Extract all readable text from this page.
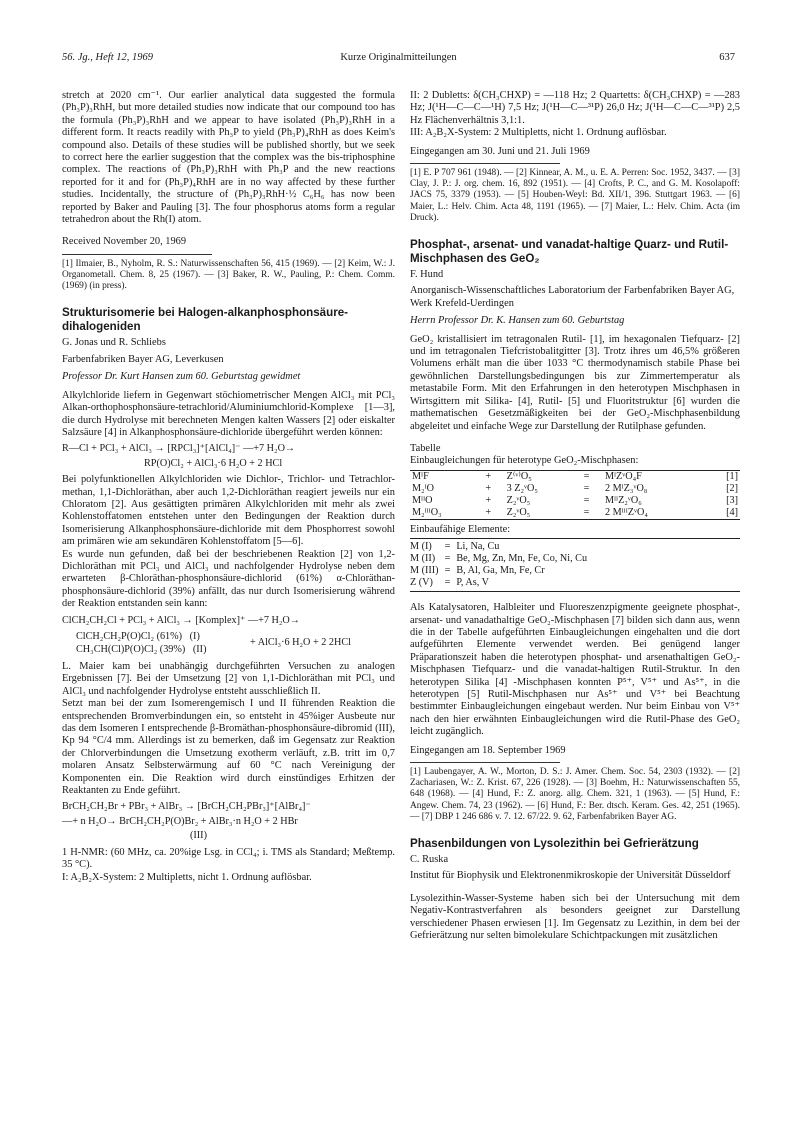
56. Jg., Heft 12, 1969	Kurze Originalmitteilungen	637

stretch at 2020 cm⁻¹. Our earlier analytical data suggested the formula (Ph₃P)₃RhH, but more detailed studies now indicate that our compound too has the formula (Ph₃P)₃RhH and we appear to have isolated (Ph₃P)₃RhH in a different form. It reacts readily with Ph₃P to yield (Ph₃P)₄RhH as does Keim's compound also. Details of these studies will be published shortly, but we seek to correct here the earlier suggestion that the complex was the bis-triphosphine complex. The reactions of (Ph₃P)₃RhH with Ph₃P and the new reactions reported for it and for (Ph₃P)₄RhH are in no way affected by these further studies. Incidentally, the structure of (Ph₃P)₃RhH·½ C₆H₆ has now been reported by Baker and Pauling [3]. The four phosphorus atoms form a regular tetrahedron about the Rh(I) atom.

Received November 20, 1969

[1] Ilmaier, B., Nyholm, R. S.: Naturwissenschaften 56, 415 (1969). — [2] Keim, W.: J. Organometall. Chem. 8, 25 (1967). — [3] Baker, R. W., Pauling, P.: Chem. Comm. (1969) (in press).

Strukturisomerie bei Halogen-alkanphosphonsäure-dihalogeniden

G. Jonas und R. Schliebs

Farbenfabriken Bayer AG, Leverkusen

Professor Dr. Kurt Hansen zum 60. Geburtstag gewidmet

Alkylchloride liefern in Gegenwart stöchiometrischer Mengen AlCl₃ mit PCl₃ Alkan-orthophosphonsäure-tetrachlorid/Aluminiumchlorid-Komplexe [1—3], die durch Hydrolyse mit berechneten Mengen kalten Wassers [2] oder eiskalter Salzsäure [4] in Alkanphosphonsäure-dichloride übergeführt werden können:

R—Cl + PCl₃ + AlCl₃ → [RPCl₃]⁺[AlCl₄]⁻ —+7 H₂O→
RP(O)Cl₂ + AlCl₃·6 H₂O + 2 HCl

Bei polyfunktionellen Alkylchloriden wie Dichlor-, Trichlor- und Tetrachlor-methan, 1,1-Dichloräthan, aber auch 1,2-Dichloräthan reagiert jeweils nur ein Chloratom [2]. Aus gesättigten primären Alkylchloriden mit mehr als zwei Kohlenstoffatomen entstehen unter den Bedingungen der Reaktion durch Isomerisierung Alkanphosphonsäure-dichloride mit dem Phosphorrest sowohl am primären wie am sekundären Kohlenstoffatom [5—6].

Es wurde nun gefunden, daß bei der beschriebenen Reaktion [2] von 1,2-Dichloräthan mit PCl₃ und AlCl₃ und nachfolgender Hydrolyse neben dem erwarteten β-Chloräthan-phosphonsäure-dichlorid (61%) α-Chloräthan-phosphonsäure-dichlorid (39%) anfällt, das nur durch Isomerisierung während der Reaktion entstanden sein kann:

ClCH₂CH₂Cl + PCl₃ + AlCl₃ → [Komplex]⁺ —+7 H₂O→
ClCH₂CH₂P(O)Cl₂ (61%)   (I)
CH₃CH(Cl)P(O)Cl₂ (39%)   (II)
+ AlCl₃·6 H₂O + 2 2HCl

L. Maier kam bei unabhängig durchgeführten Versuchen zu analogen Ergebnissen [7]. Bei der Umsetzung [2] von 1,1-Dichloräthan mit PCl₃ und AlCl₃ und nachfolgender Hydrolyse entsteht ausschließlich II.

Setzt man bei der zum Isomerengemisch I und II führenden Reaktion die entsprechenden Bromverbindungen ein, so entsteht in 45%iger Ausbeute nur das dem Isomeren I entsprechende β-Bromäthan-phosphonsäure-dibromid (III), Kp 94 °C/4 mm. Allerdings ist zu bemerken, daß im Gegensatz zur Reaktion der Chlorverbindungen die Umsetzung exotherm verläuft, z.B. tritt im 0,7 molaren Ansatz Selbsterwärmung auf 60 °C nach Vereinigung der Komponenten ein. Die Reaktion wird durch einstündiges Erhitzen der Reaktanten zu Ende geführt.

BrCH₂CH₂Br + PBr₃ + AlBr₃ → [BrCH₂CH₂PBr₃]⁺[AlBr₄]⁻
—+ n H₂O→ BrCH₂CH₂P(O)Br₂ + AlBr₃·n H₂O + 2 HBr
(III)

1 H-NMR: (60 MHz, ca. 20%ige Lsg. in CCl₄; i. TMS als Standard; Meßtemp. 35 °C).

I: A₂B₂X-System: 2 Multipletts, nicht 1. Ordnung auflösbar.

II: 2 Dubletts: δ(CH₃CHXP) = —118 Hz; 2 Quartetts: δ(CH₃CHXP) = —283 Hz; J(¹H—C—C—¹H) 7,5 Hz; J(¹H—C—³¹P) 26,0 Hz; J(¹H—C—C—³¹P) 2,5 Hz Flächenverhältnis 3,1:1.

III: A₂B₂X-System: 2 Multipletts, nicht 1. Ordnung auflösbar.

Eingegangen am 30. Juni und 21. Juli 1969

[1] E. P 707 961 (1948). — [2] Kinnear, A. M., u. E. A. Perren: Soc. 1952, 3437. — [3] Clay, J. P.: J. org. chem. 16, 892 (1951). — [4] Crofts, P. C., and G. M. Kosolapoff: JACS 75, 3379 (1953). — [5] Houben-Weyl: Bd. XII/1, 396. Stuttgart 1963. — [6] Maier, L.: Helv. Chim. Acta 48, 1191 (1965). — [7] Maier, L.: Helv. Chim. Acta (im Druck).

Phosphat-, arsenat- und vanadat-haltige Quarz- und Rutil-Mischphasen des GeO₂

F. Hund

Anorganisch-Wissenschaftliches Laboratorium der Farbenfabriken Bayer AG, Werk Krefeld-Uerdingen

Herrn Professor Dr. K. Hansen zum 60. Geburtstag

GeO₂ kristallisiert im tetragonalen Rutil- [1], im hexagonalen Tiefquarz- [2] und im tetragonalen Tiefcristobalitgitter [3]. Trotz ihres um 46,5% größeren Volumens erhält man die über 1033 °C thermodynamisch stabile Phase bei gewöhnlichen Darstellungsbedingungen bis zur Zimmertemperatur als metastabile Form. Mit den Erfahrungen in den heterotypen Mischphasen in Wirtsgittern mit Silika- [4], Rutil- [5] und Fluoritstruktur [6] wurden die mathematischen Gesetzmäßigkeiten bei der GeO₂-Mischphasenbildung abgeleitet und einfache Wege zur Darstellung der Rutilphase gefunden.

Tabelle

Einbaugleichungen für heterotype GeO₂-Mischphasen:

MᴵF	+	Z⁽ᵛ⁾O₅	=	MᴵZᵛO₄F	[1]
M₂ᴵO	+	3 Z₂ᵛO₅	=	2 MᴵZ₃ᵛO₈	[2]
MᴵᴵO	+	Z₂ᵛO₅	=	MᴵᴵZ₂ᵛO₆	[3]
M₂ᴵᴵᴵO₃	+	Z₂ᵛO₅	=	2 MᴵᴵᴵZᵛO₄	[4]

Einbaufähige Elemente:

M (I)	=	Li, Na, Cu
M (II)	=	Be, Mg, Zn, Mn, Fe, Co, Ni, Cu
M (III)	=	B, Al, Ga, Mn, Fe, Cr
Z (V)	=	P, As, V

Als Katalysatoren, Halbleiter und Fluoreszenzpigmente geeignete phosphat-, arsenat- und vanadathaltige GeO₂-Mischphasen [7] bilden sich dann aus, wenn die in der Tabelle aufgeführten Einbaugleichungen eingehalten und die dort aufgeführten Elemente verwendet werden. Bei genügend langer Präparationszeit haben die heterotypen phosphat- und arsenathaltigen GeO₂-Mischphasen Tiefquarz- und die vanadat-haltigen Rutil-Struktur. In den heterotypen Silika [4] -Mischphasen konnten P⁵⁺, V⁵⁺ und As⁵⁺, in die heterotypen [5] Rutil-Mischphasen nur As⁵⁺ und V⁵⁺ bei Beachtung bestimmter Einbaugleichungen eingebaut werden. Nur beim Einbau von V⁵⁺ nach den hier erwähnten Einbaugleichungen wird die Rutil-Phase des GeO₂ leicht zugänglich.

Eingegangen am 18. September 1969

[1] Laubengayer, A. W., Morton, D. S.: J. Amer. Chem. Soc. 54, 2303 (1932). — [2] Zachariasen, W.: Z. Krist. 67, 226 (1928). — [3] Boehm, H.: Naturwissenschaften 55, 648 (1968). — [4] Hund, F.: Z. anorg. allg. Chem. 321, 1 (1963). — [5] Hund, F.: Angew. Chem. 74, 23 (1962). — [6] Hund, F.: Ber. dtsch. Keram. Ges. 42, 251 (1965). — [7] DBP 1 246 686 v. 7. 12. 67/22. 9. 62, Farbenfabriken Bayer AG.

Phasenbildungen von Lysolezithin bei Gefrierätzung

C. Ruska

Institut für Biophysik und Elektronenmikroskopie der Universität Düsseldorf

Lysolezithin-Wasser-Systeme haben sich bei der Untersuchung mit dem Negativ-Kontrastverfahren als besonders geeignet zur Darstellung verschiedener Phasen erwiesen [1]. Im Gegensatz zu Lezithin, in dem bei der Gefrierätzung nur selten bimolekulare Schichtpackungen mit zusätzlichen
